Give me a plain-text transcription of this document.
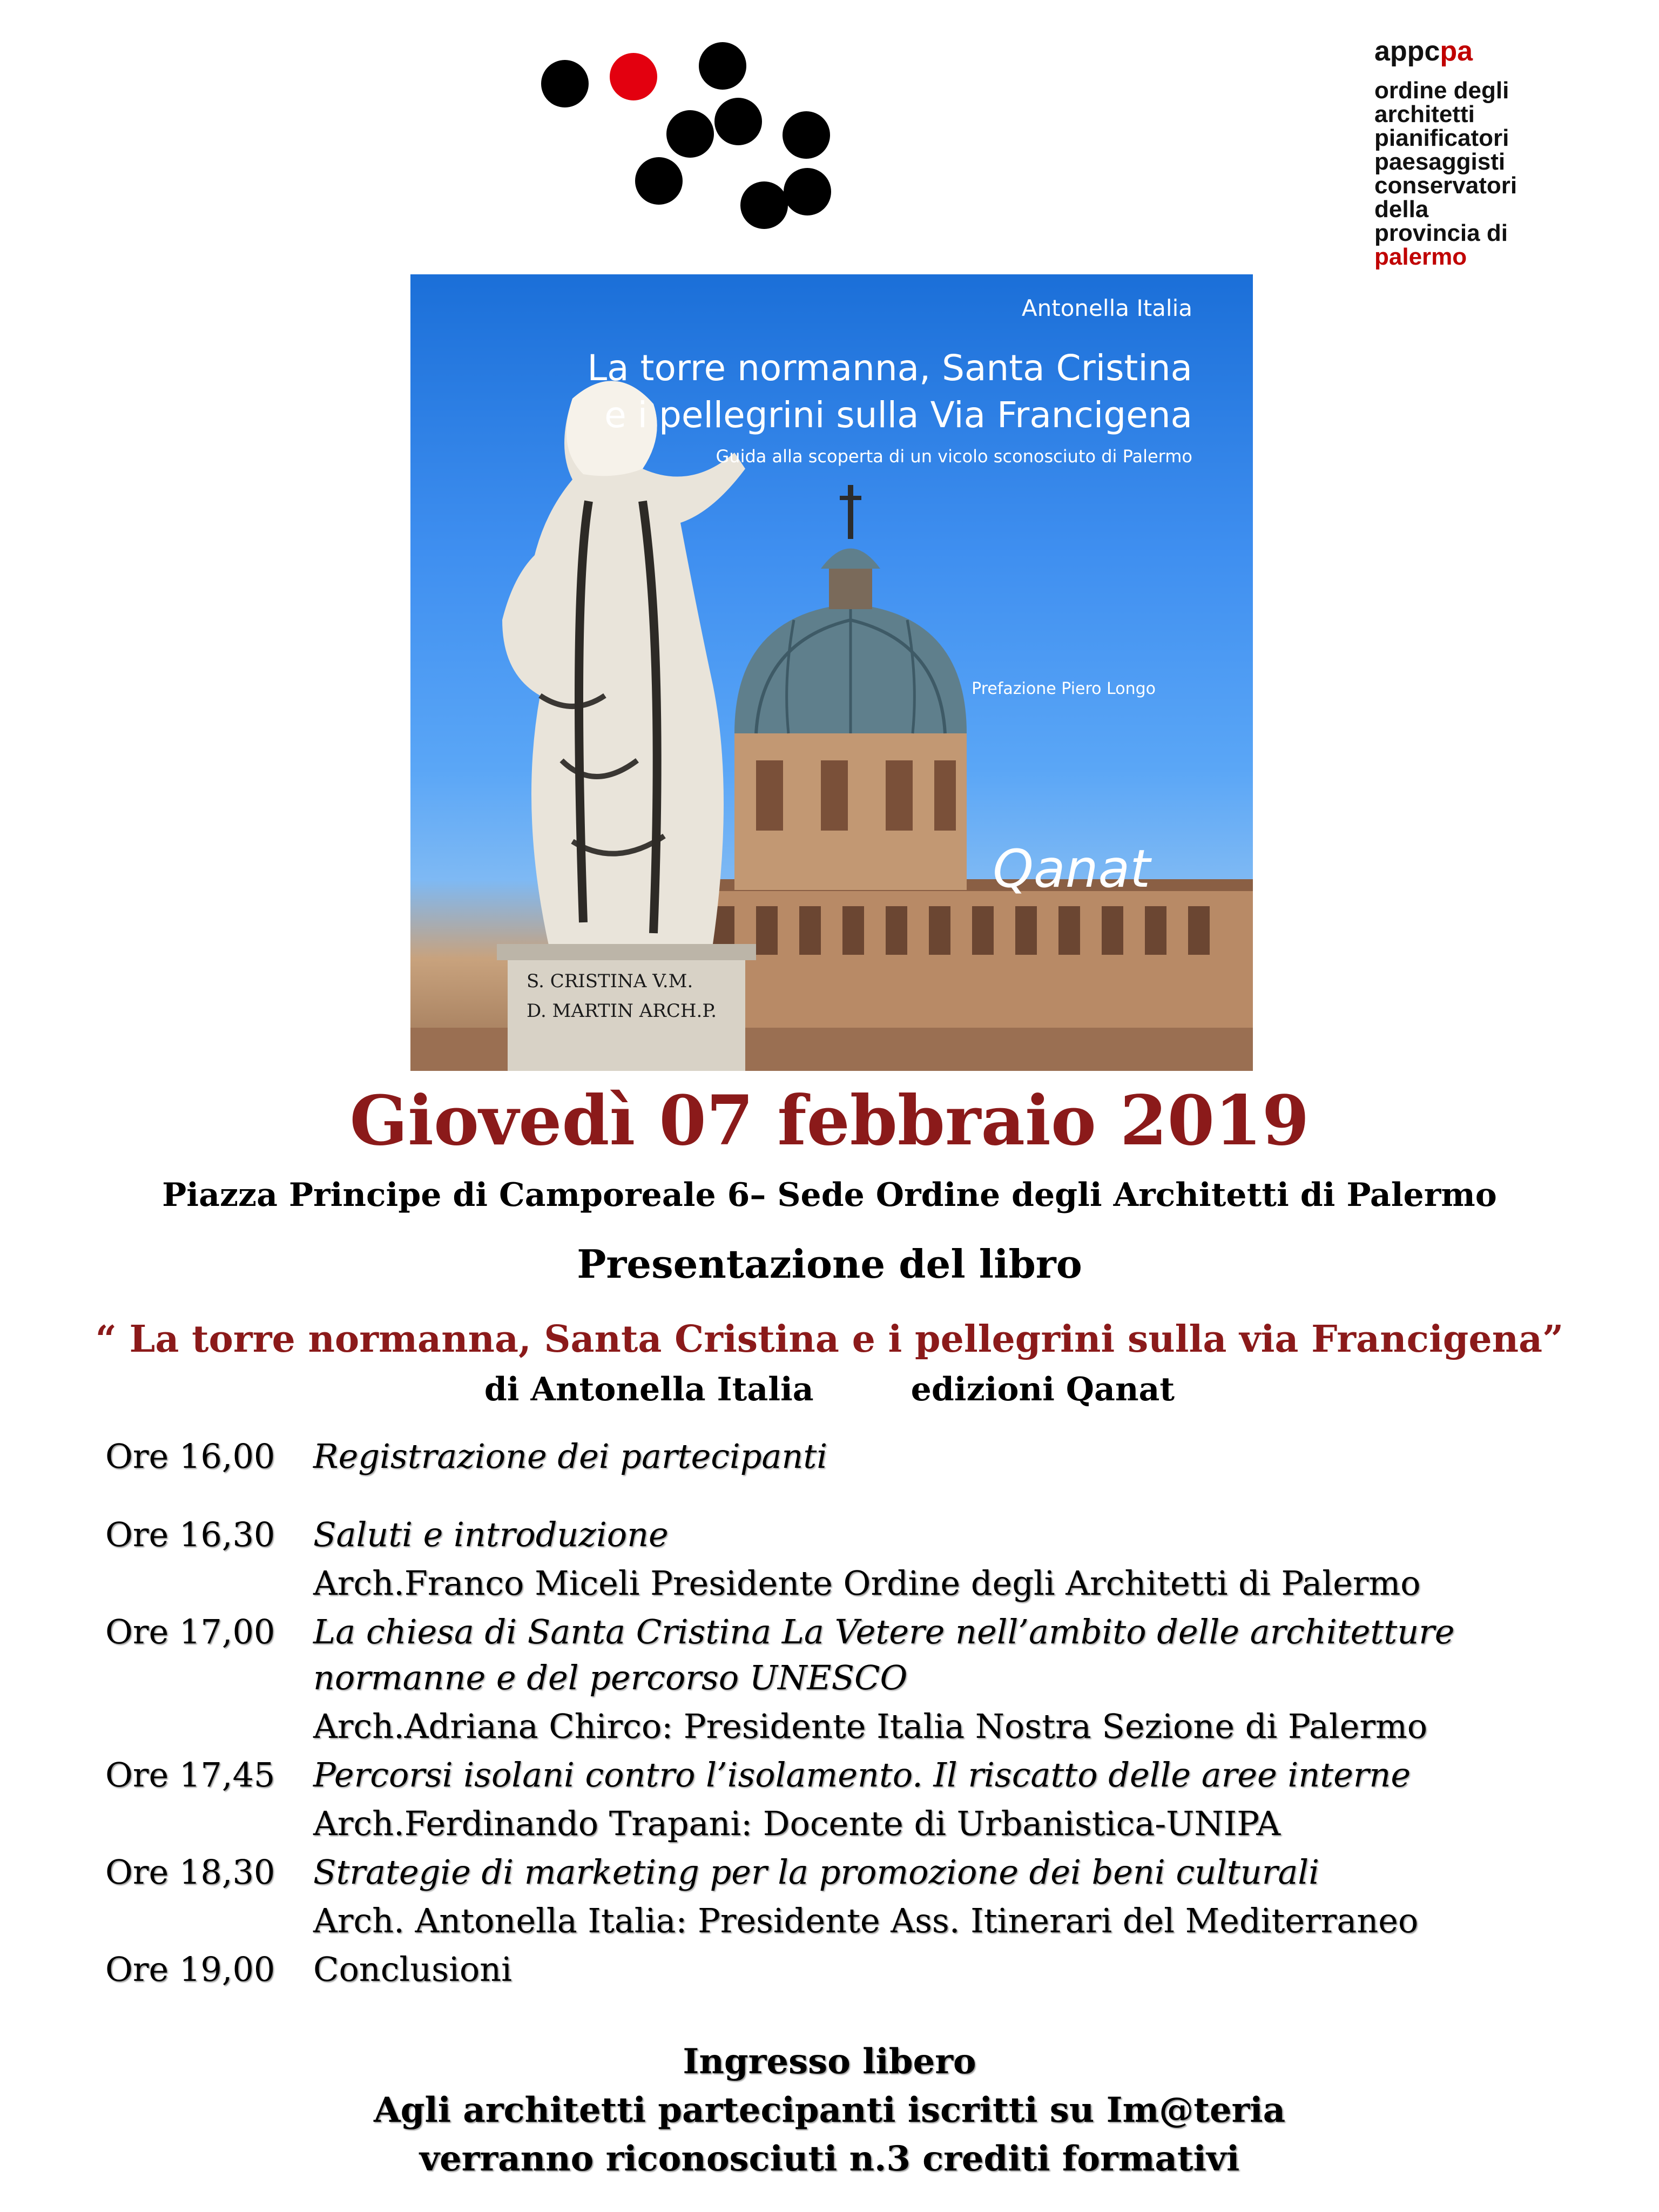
appcpa
ordine degli
architetti
pianificatori
paesaggisti
conservatori
della provincia di
palermo
S. CRISTINA V.M.
D. MARTIN ARCH.P.
Antonella Italia
La torre normanna, Santa Cristina
e i pellegrini sulla Via Francigena
Guida alla scoperta di un vicolo sconosciuto di Palermo
Prefazione Piero Longo
Qanat
Giovedì 07 febbraio 2019
Piazza Principe di Camporeale 6– Sede Ordine degli Architetti di Palermo
Presentazione del libro
“ La torre normanna, Santa Cristina e i pellegrini sulla via Francigena”
di Antonella Italia	edizioni Qanat
Ore 16,00 Registrazione dei partecipanti
Ore 16,30 Saluti e introduzione
Arch.Franco Miceli Presidente Ordine degli Architetti di Palermo
Ore 17,00 La chiesa di Santa Cristina La Vetere nell’ambito delle architetture
normanne e del percorso UNESCO
Arch.Adriana Chirco: Presidente Italia Nostra Sezione di Palermo
Ore 17,45 Percorsi isolani contro l’isolamento. Il riscatto delle aree interne
Arch.Ferdinando Trapani: Docente di Urbanistica-UNIPA
Ore 18,30 Strategie di marketing per la promozione dei beni culturali
Arch. Antonella Italia: Presidente Ass. Itinerari del Mediterraneo
Ore 19,00 Conclusioni
Ingresso libero
Agli architetti partecipanti iscritti su Im@teria
verranno riconosciuti n.3 crediti formativi
